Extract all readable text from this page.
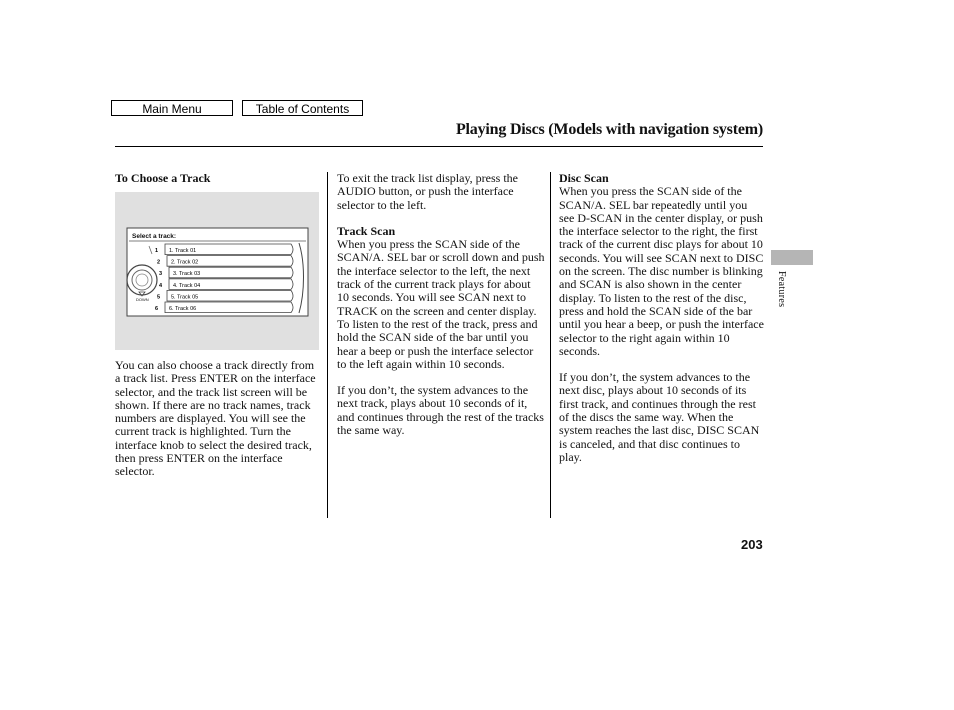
Main Menu	Table of Contents
Playing Discs (Models with navigation system)

To Choose a Track

Select a track:
DOWN
1 1. Track 01
2 2. Track 02
3 3. Track 03
4 4. Track 04
5 5. Track 05
6 6. Track 06

You can also choose a track directly from a track list. Press ENTER on the interface selector, and the track list screen will be shown. If there are no track names, track numbers are displayed. You will see the current track is highlighted. Turn the interface knob to select the desired track, then press ENTER on the interface selector.

To exit the track list display, press the AUDIO button, or push the interface selector to the left.

Track Scan

When you press the SCAN side of the SCAN/A. SEL bar or scroll down and push the interface selector to the left, the next track of the current track plays for about 10 seconds. You will see SCAN next to TRACK on the screen and center display. To listen to the rest of the track, press and hold the SCAN side of the bar until you hear a beep or push the interface selector to the left again within 10 seconds.

If you don’t, the system advances to the next track, plays about 10 seconds of it, and continues through the rest of the tracks the same way.

Disc Scan

When you press the SCAN side of the SCAN/A. SEL bar repeatedly until you see D-SCAN in the center display, or push the interface selector to the right, the first track of the current disc plays for about 10 seconds. You will see SCAN next to DISC on the screen. The disc number is blinking and SCAN is also shown in the center display. To listen to the rest of the disc, press and hold the SCAN side of the bar until you hear a beep, or push the interface selector to the right again within 10 seconds.

If you don’t, the system advances to the next disc, plays about 10 seconds of its first track, and continues through the rest of the discs the same way. When the system reaches the last disc, DISC SCAN is canceled, and that disc continues to play.

Features
203
